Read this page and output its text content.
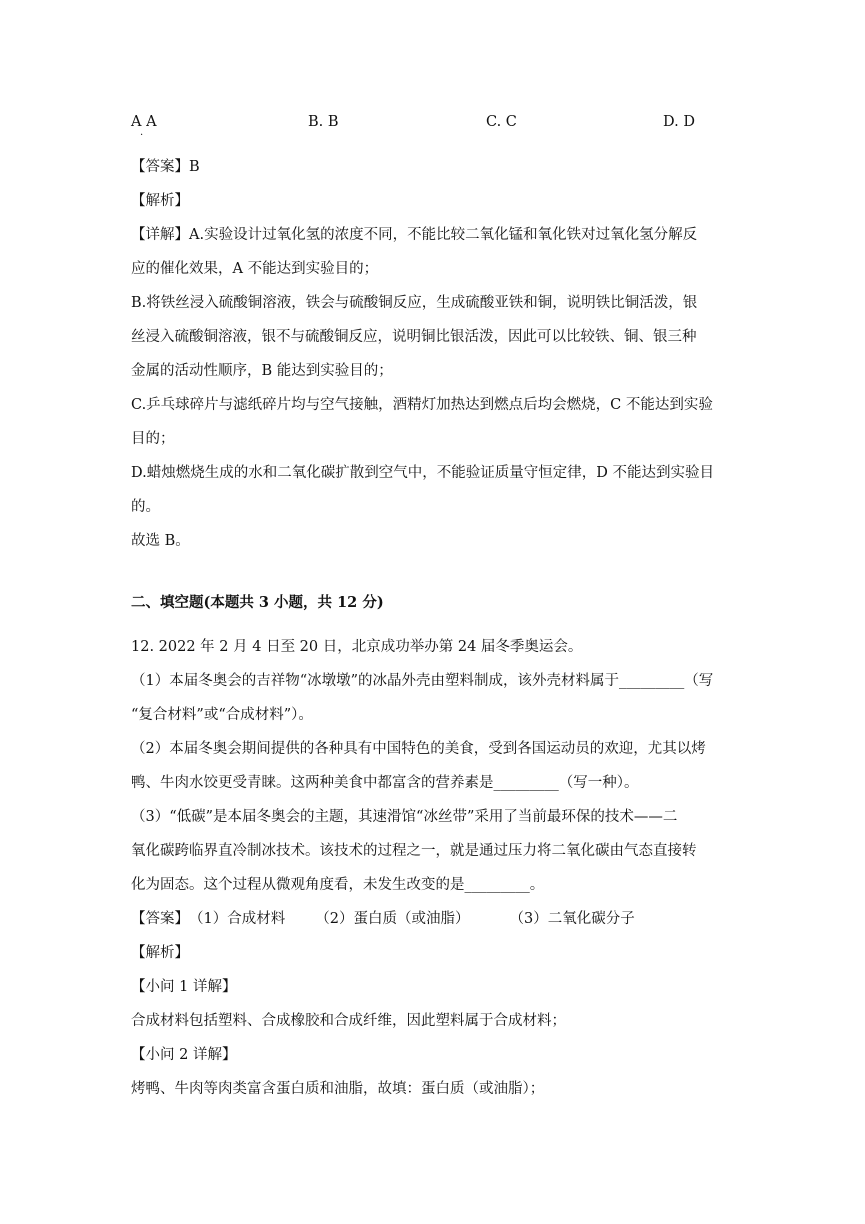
A A
.
B. B	C. C	D. D
【答案】B
【解析】
【详解】A.实验设计过氧化氢的浓度不同，不能比较二氧化锰和氧化铁对过氧化氢分解反
应的催化效果，A 不能达到实验目的；
B.将铁丝浸入硫酸铜溶液，铁会与硫酸铜反应，生成硫酸亚铁和铜，说明铁比铜活泼，银
丝浸入硫酸铜溶液，银不与硫酸铜反应，说明铜比银活泼，因此可以比较铁、铜、银三种
金属的活动性顺序，B 能达到实验目的；
C.乒乓球碎片与滤纸碎片均与空气接触，酒精灯加热达到燃点后均会燃烧，C 不能达到实验
目的；
D.蜡烛燃烧生成的水和二氧化碳扩散到空气中，不能验证质量守恒定律，D 不能达到实验目
的。
故选 B。
二、填空题(本题共 3 小题，共 12 分)
12. 2022 年 2 月 4 日至 20 日，北京成功举办第 24 届冬季奥运会。
（1）本届冬奥会的吉祥物“冰墩墩”的冰晶外壳由塑料制成，该外壳材料属于_________（写
“复合材料”或“合成材料”）。
（2）本届冬奥会期间提供的各种具有中国特色的美食，受到各国运动员的欢迎，尤其以烤
鸭、牛肉水饺更受青睐。这两种美食中都富含的营养素是_________（写一种）。
（3）“低碳”是本届冬奥会的主题，其速滑馆“冰丝带”采用了当前最环保的技术——二
氧化碳跨临界直冷制冰技术。该技术的过程之一，就是通过压力将二氧化碳由气态直接转
化为固态。这个过程从微观角度看，未发生改变的是_________。
【答案】（1）合成材料 （2）蛋白质（或油脂）	（3）二氧化碳分子
【解析】
【小问 1 详解】
合成材料包括塑料、合成橡胶和合成纤维，因此塑料属于合成材料；
【小问 2 详解】
烤鸭、牛肉等肉类富含蛋白质和油脂，故填：蛋白质（或油脂）；
